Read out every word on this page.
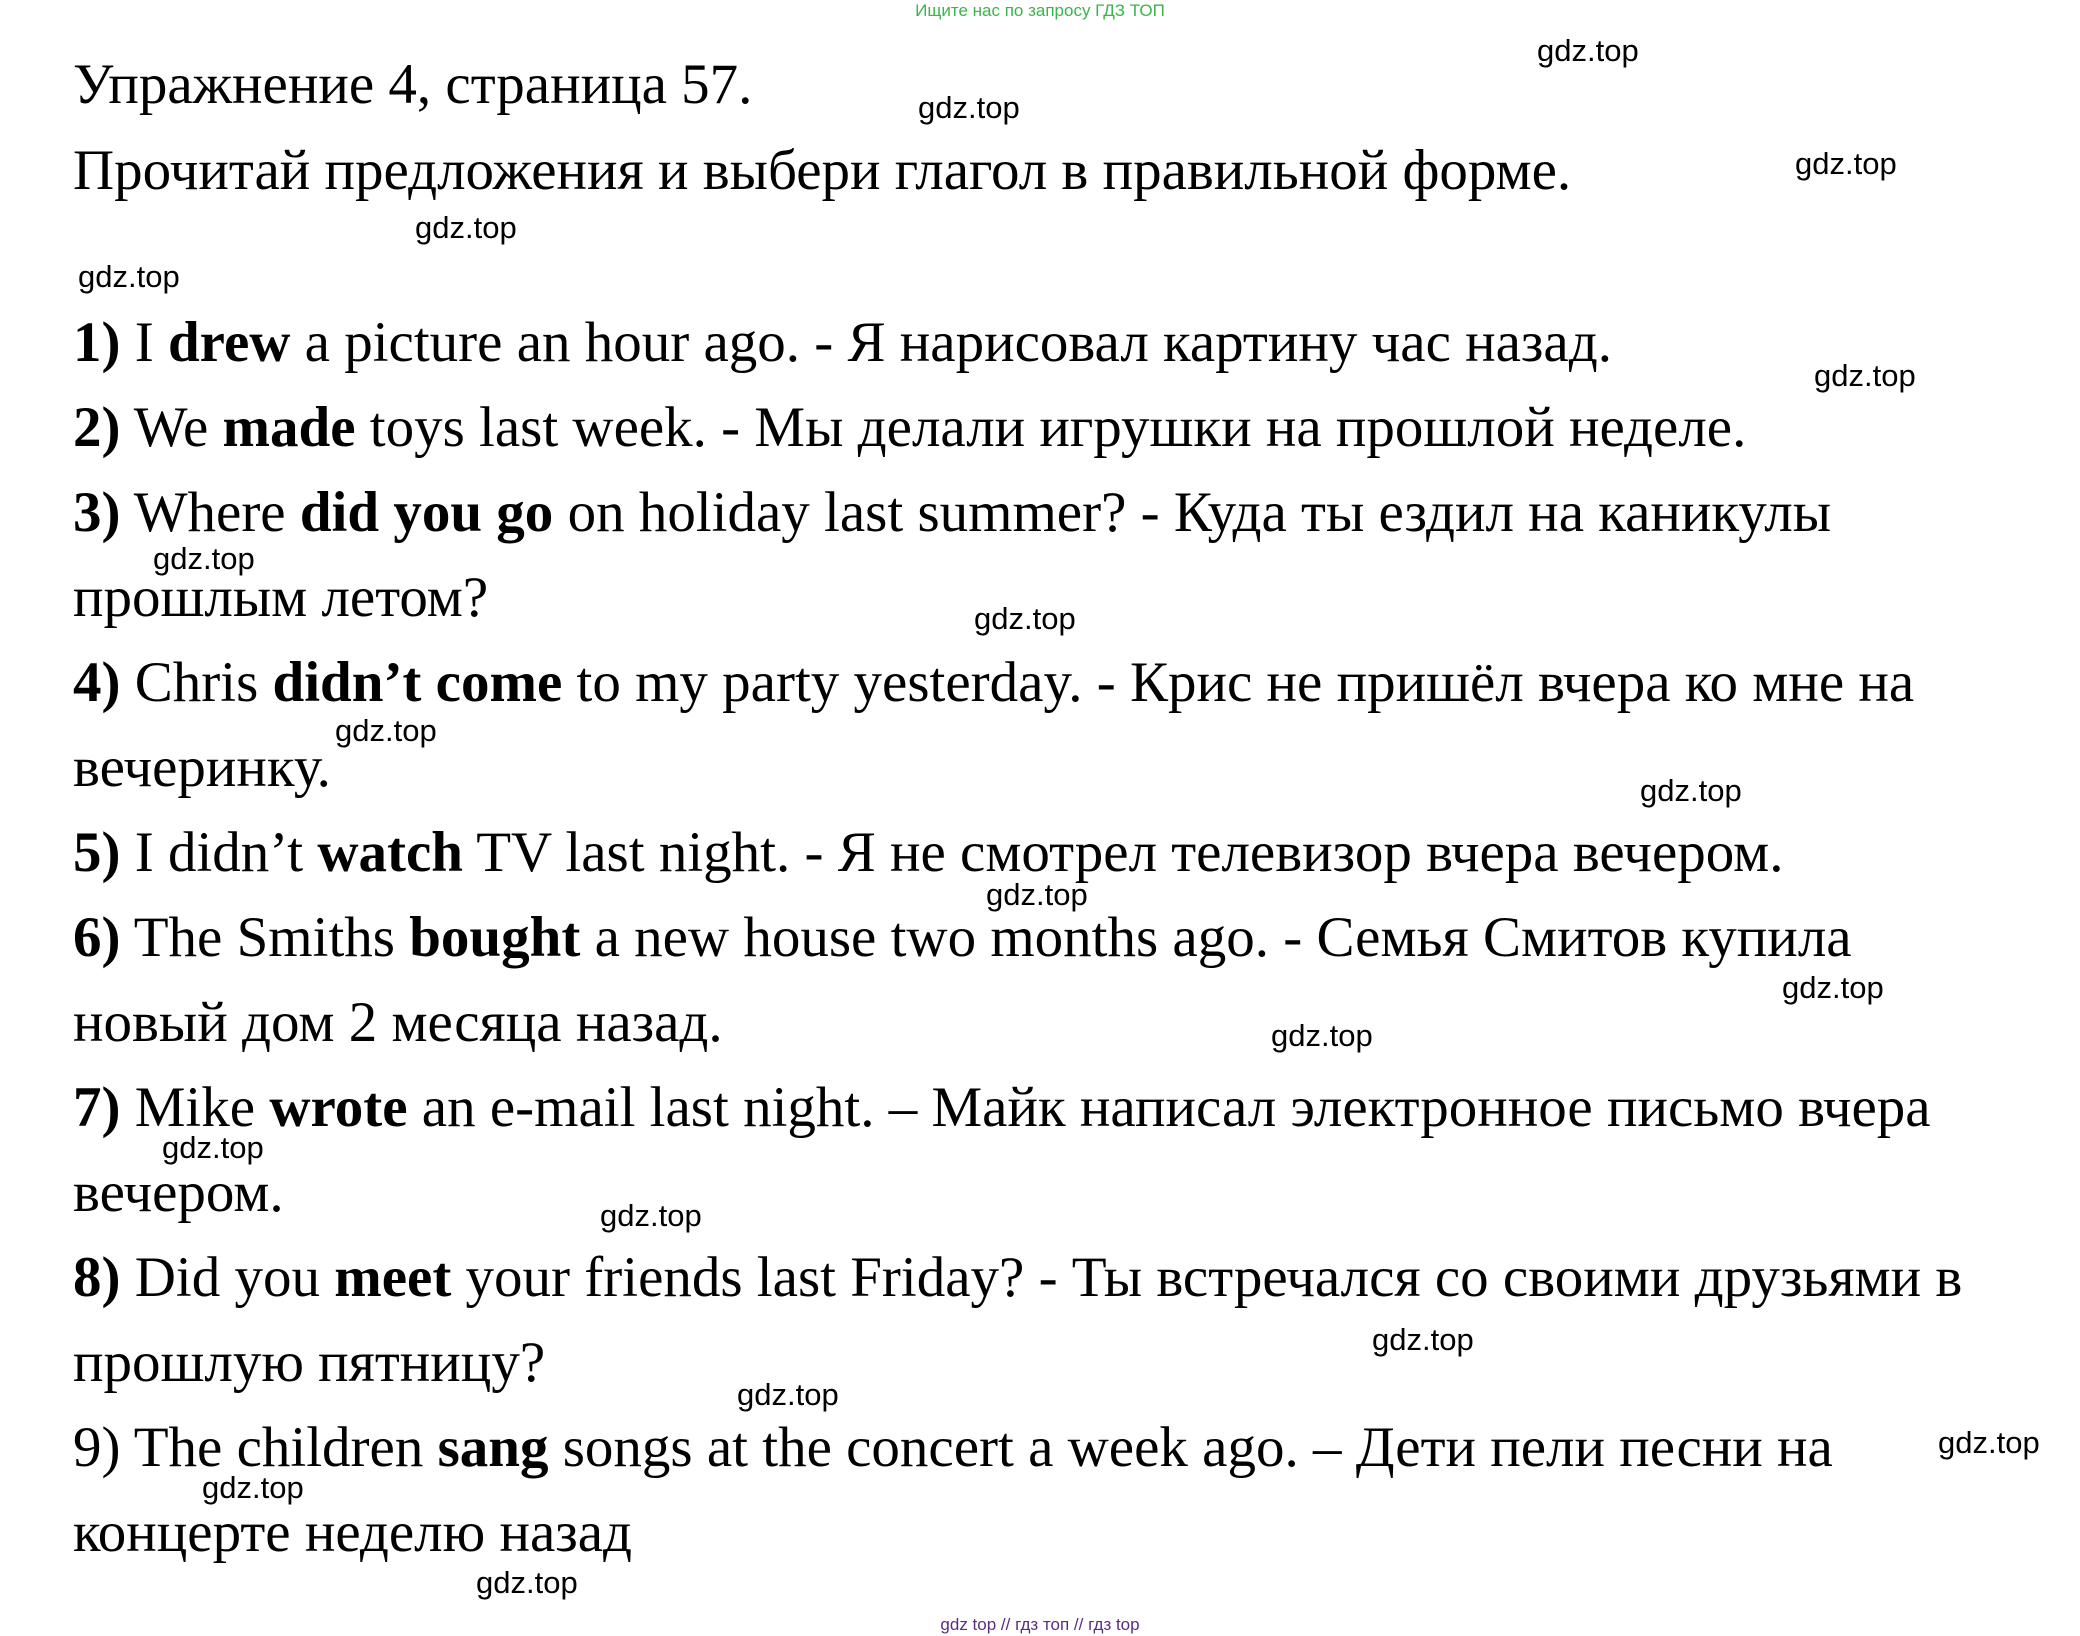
Ищите нас по запросу ГДЗ ТОП
Упражнение 4, страница 57.
Прочитай предложения и выбери глагол в правильной форме.
1) I drew a picture an hour ago. - Я нарисовал картину час назад.
2) We made toys last week. - Мы делали игрушки на прошлой неделе.
3) Where did you go on holiday last summer? - Куда ты ездил на каникулы
прошлым летом?
4) Chris didn’t come to my party yesterday. - Крис не пришёл вчера ко мне на
вечеринку.
5) I didn’t watch TV last night. - Я не смотрел телевизор вчера вечером.
6) The Smiths bought a new house two months ago. - Семья Смитов купила
новый дом 2 месяца назад.
7) Mike wrote an e-mail last night. – Майк написал электронное письмо вчера
вечером.
8) Did you meet your friends last Friday? - Ты встречался со своими друзьями в
прошлую пятницу?
9) The children sang songs at the concert a week ago. – Дети пели песни на
концерте неделю назад
gdz.top
gdz.top
gdz.top
gdz.top
gdz.top
gdz.top
gdz.top
gdz.top
gdz.top
gdz.top
gdz.top
gdz.top
gdz.top
gdz.top
gdz.top
gdz.top
gdz.top
gdz.top
gdz.top
gdz.top
gdz top // гдз топ // гдз top
